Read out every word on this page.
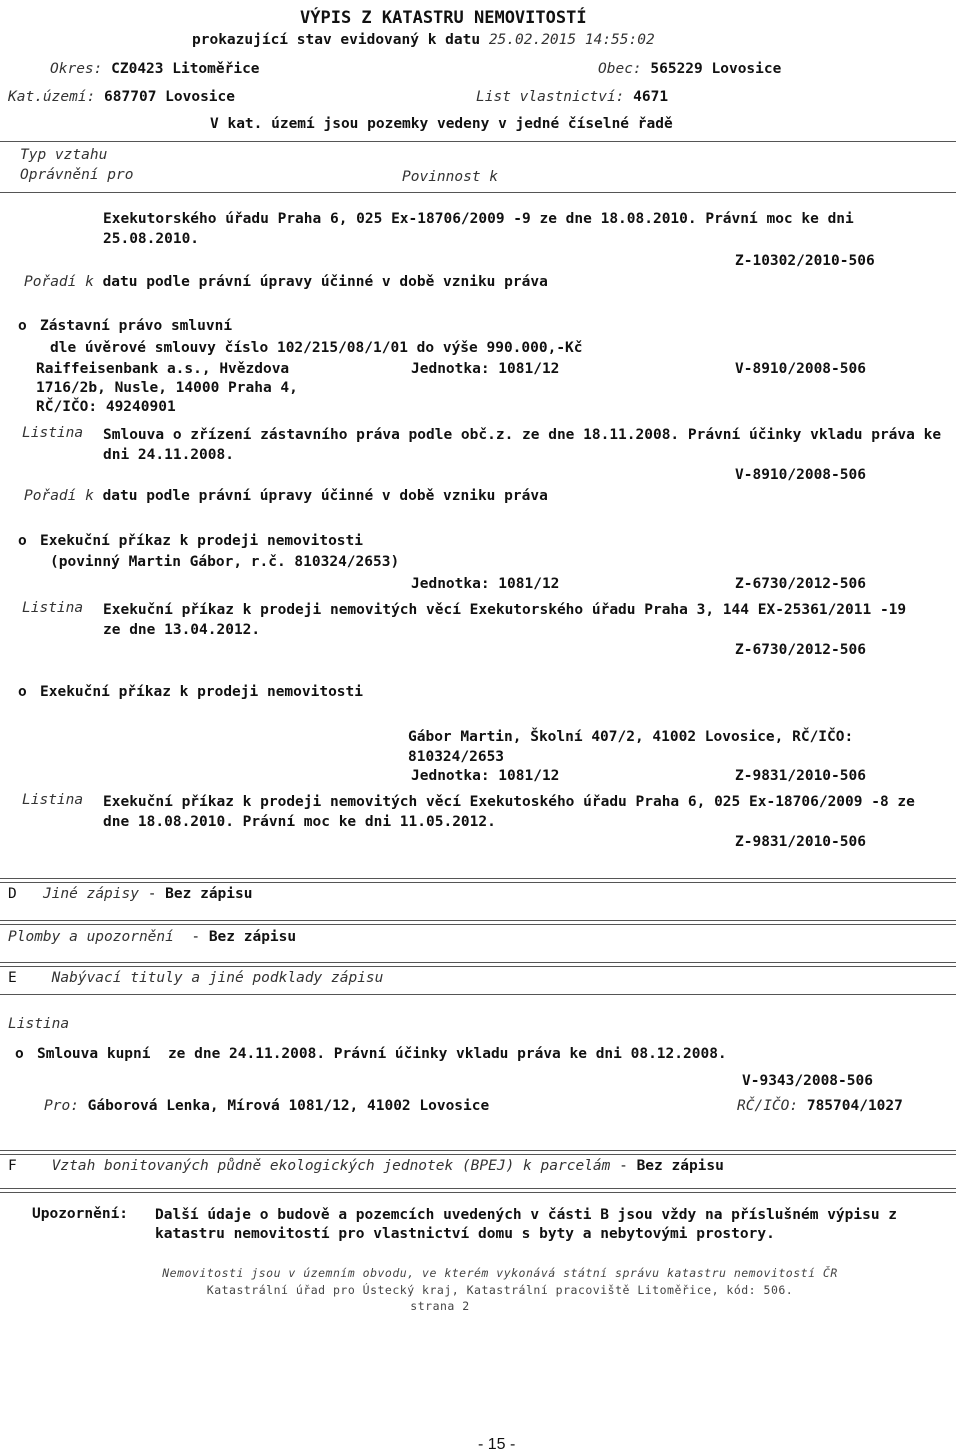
VÝPIS Z KATASTRU NEMOVITOSTÍ
prokazující stav evidovaný k datu 25.02.2015 14:55:02
Okres: CZ0423 Litoměřice	Obec: 565229 Lovosice
Kat.území: 687707 Lovosice	List vlastnictví: 4671
V kat. území jsou pozemky vedeny v jedné číselné řadě
Typ vztahu
Oprávnění pro	Povinnost k
Exekutorského úřadu Praha 6, 025 Ex-18706/2009 -9 ze dne 18.08.2010. Právní moc ke dni 25.08.2010.
Z-10302/2010-506
Pořadí k datu podle právní úpravy účinné v době vzniku práva
o Zástavní právo smluvní
dle úvěrové smlouvy číslo 102/215/08/1/01 do výše 990.000,-Kč
Raiffeisenbank a.s., Hvězdova
1716/2b, Nusle, 14000 Praha 4,
RČ/IČO: 49240901
Jednotka: 1081/12	V-8910/2008-506
Listina Smlouva o zřízení zástavního práva podle obč.z. ze dne 18.11.2008. Právní účinky vkladu práva ke dni 24.11.2008.
V-8910/2008-506
Pořadí k datu podle právní úpravy účinné v době vzniku práva
o Exekuční příkaz k prodeji nemovitosti
(povinný Martin Gábor, r.č. 810324/2653)
Jednotka: 1081/12	Z-6730/2012-506
Listina Exekuční příkaz k prodeji nemovitých věcí Exekutorského úřadu Praha 3, 144 EX-25361/2011 -19 ze dne 13.04.2012.
Z-6730/2012-506
o Exekuční příkaz k prodeji nemovitosti
Gábor Martin, Školní 407/2, 41002 Lovosice, RČ/IČO: 810324/2653
Jednotka: 1081/12	Z-9831/2010-506
Listina Exekuční příkaz k prodeji nemovitých věcí Exekutoského úřadu Praha 6, 025 Ex-18706/2009 -8 ze dne 18.08.2010. Právní moc ke dni 11.05.2012.
Z-9831/2010-506
D Jiné zápisy - Bez zápisu
Plomby a upozornění - Bez zápisu
E Nabývací tituly a jiné podklady zápisu
Listina
o Smlouva kupní  ze dne 24.11.2008. Právní účinky vkladu práva ke dni 08.12.2008.
V-9343/2008-506
Pro: Gáborová Lenka, Mírová 1081/12, 41002 Lovosice	RČ/IČO: 785704/1027
F Vztah bonitovaných půdně ekologických jednotek (BPEJ) k parcelám - Bez zápisu
Upozornění: Další údaje o budově a pozemcích uvedených v části B jsou vždy na příslušném výpisu z katastru nemovitostí pro vlastnictví domu s byty a nebytovými prostory.
Nemovitosti jsou v územním obvodu, ve kterém vykonává státní správu katastru nemovitostí ČR
Katastrální úřad pro Ústecký kraj, Katastrální pracoviště Litoměřice, kód: 506.
strana 2
- 15 -
